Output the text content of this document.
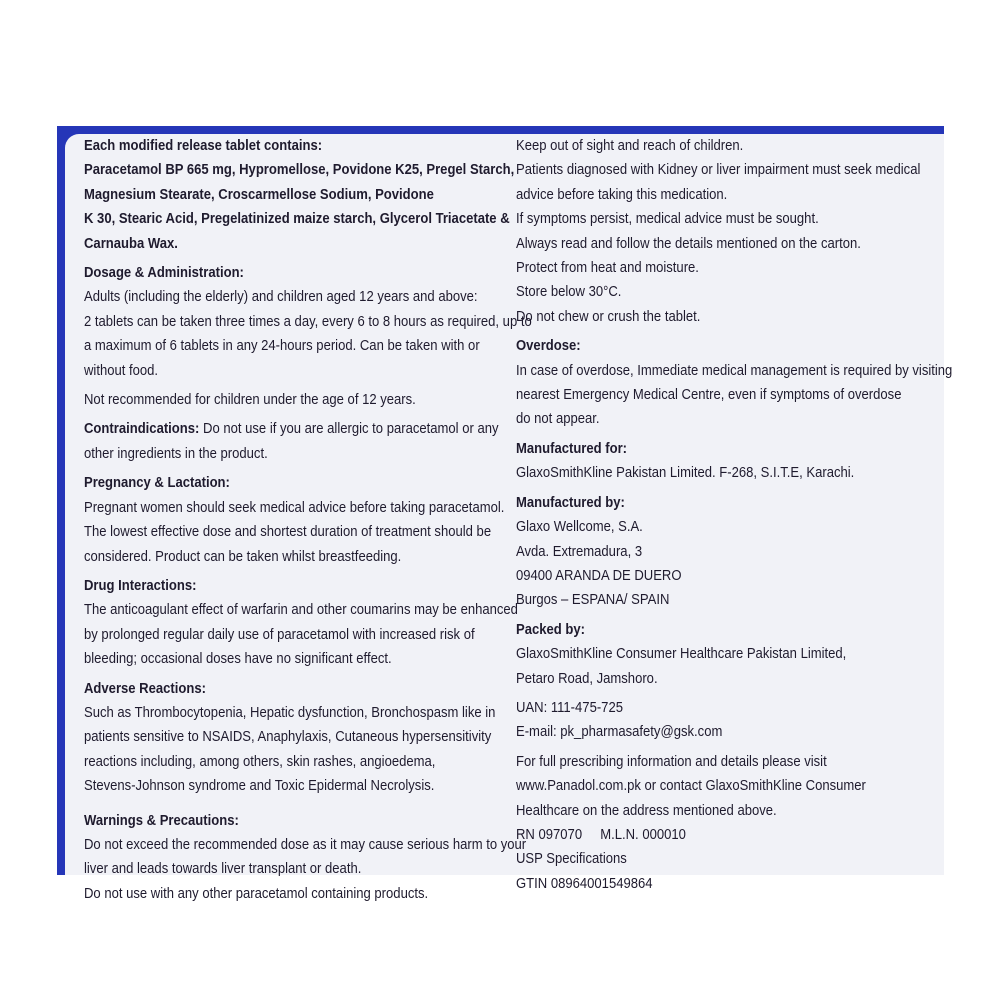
Each modified release tablet contains:
Paracetamol BP 665 mg, Hypromellose, Povidone K25, Pregel Starch,
Magnesium Stearate, Croscarmellose Sodium, Povidone
K 30, Stearic Acid, Pregelatinized maize starch, Glycerol Triacetate &
Carnauba Wax.
Dosage & Administration:
Adults (including the elderly) and children aged 12 years and above:
2 tablets can be taken three times a day, every 6 to 8 hours as required, up to
a maximum of 6 tablets in any 24-hours period. Can be taken with or
without food.
Not recommended for children under the age of 12 years.
Contraindications: Do not use if you are allergic to paracetamol or any
other ingredients in the product.
Pregnancy & Lactation:
Pregnant women should seek medical advice before taking paracetamol.
The lowest effective dose and shortest duration of treatment should be
considered. Product can be taken whilst breastfeeding.
Drug Interactions:
The anticoagulant effect of warfarin and other coumarins may be enhanced
by prolonged regular daily use of paracetamol with increased risk of
bleeding; occasional doses have no significant effect.
Adverse Reactions:
Such as Thrombocytopenia, Hepatic dysfunction, Bronchospasm like in
patients sensitive to NSAIDS, Anaphylaxis, Cutaneous hypersensitivity
reactions including, among others, skin rashes, angioedema,
Stevens-Johnson syndrome and Toxic Epidermal Necrolysis.
Warnings & Precautions:
Do not exceed the recommended dose as it may cause serious harm to your
liver and leads towards liver transplant or death.
Do not use with any other paracetamol containing products.
Keep out of sight and reach of children.
Patients diagnosed with Kidney or liver impairment must seek medical
advice before taking this medication.
If symptoms persist, medical advice must be sought.
Always read and follow the details mentioned on the carton.
Protect from heat and moisture.
Store below 30°C.
Do not chew or crush the tablet.
Overdose:
In case of overdose, Immediate medical management is required by visiting
nearest Emergency Medical Centre, even if symptoms of overdose
do not appear.
Manufactured for:
GlaxoSmithKline Pakistan Limited. F-268, S.I.T.E, Karachi.
Manufactured by:
Glaxo Wellcome, S.A.
Avda. Extremadura, 3
09400 ARANDA DE DUERO
Burgos – ESPANA/ SPAIN
Packed by:
GlaxoSmithKline Consumer Healthcare Pakistan Limited,
Petaro Road, Jamshoro.
UAN: 111-475-725
E-mail: pk_pharmasafety@gsk.com
For full prescribing information and details please visit
www.Panadol.com.pk or contact GlaxoSmithKline Consumer
Healthcare on the address mentioned above.
RN 097070     M.L.N. 000010
USP Specifications
GTIN 08964001549864
